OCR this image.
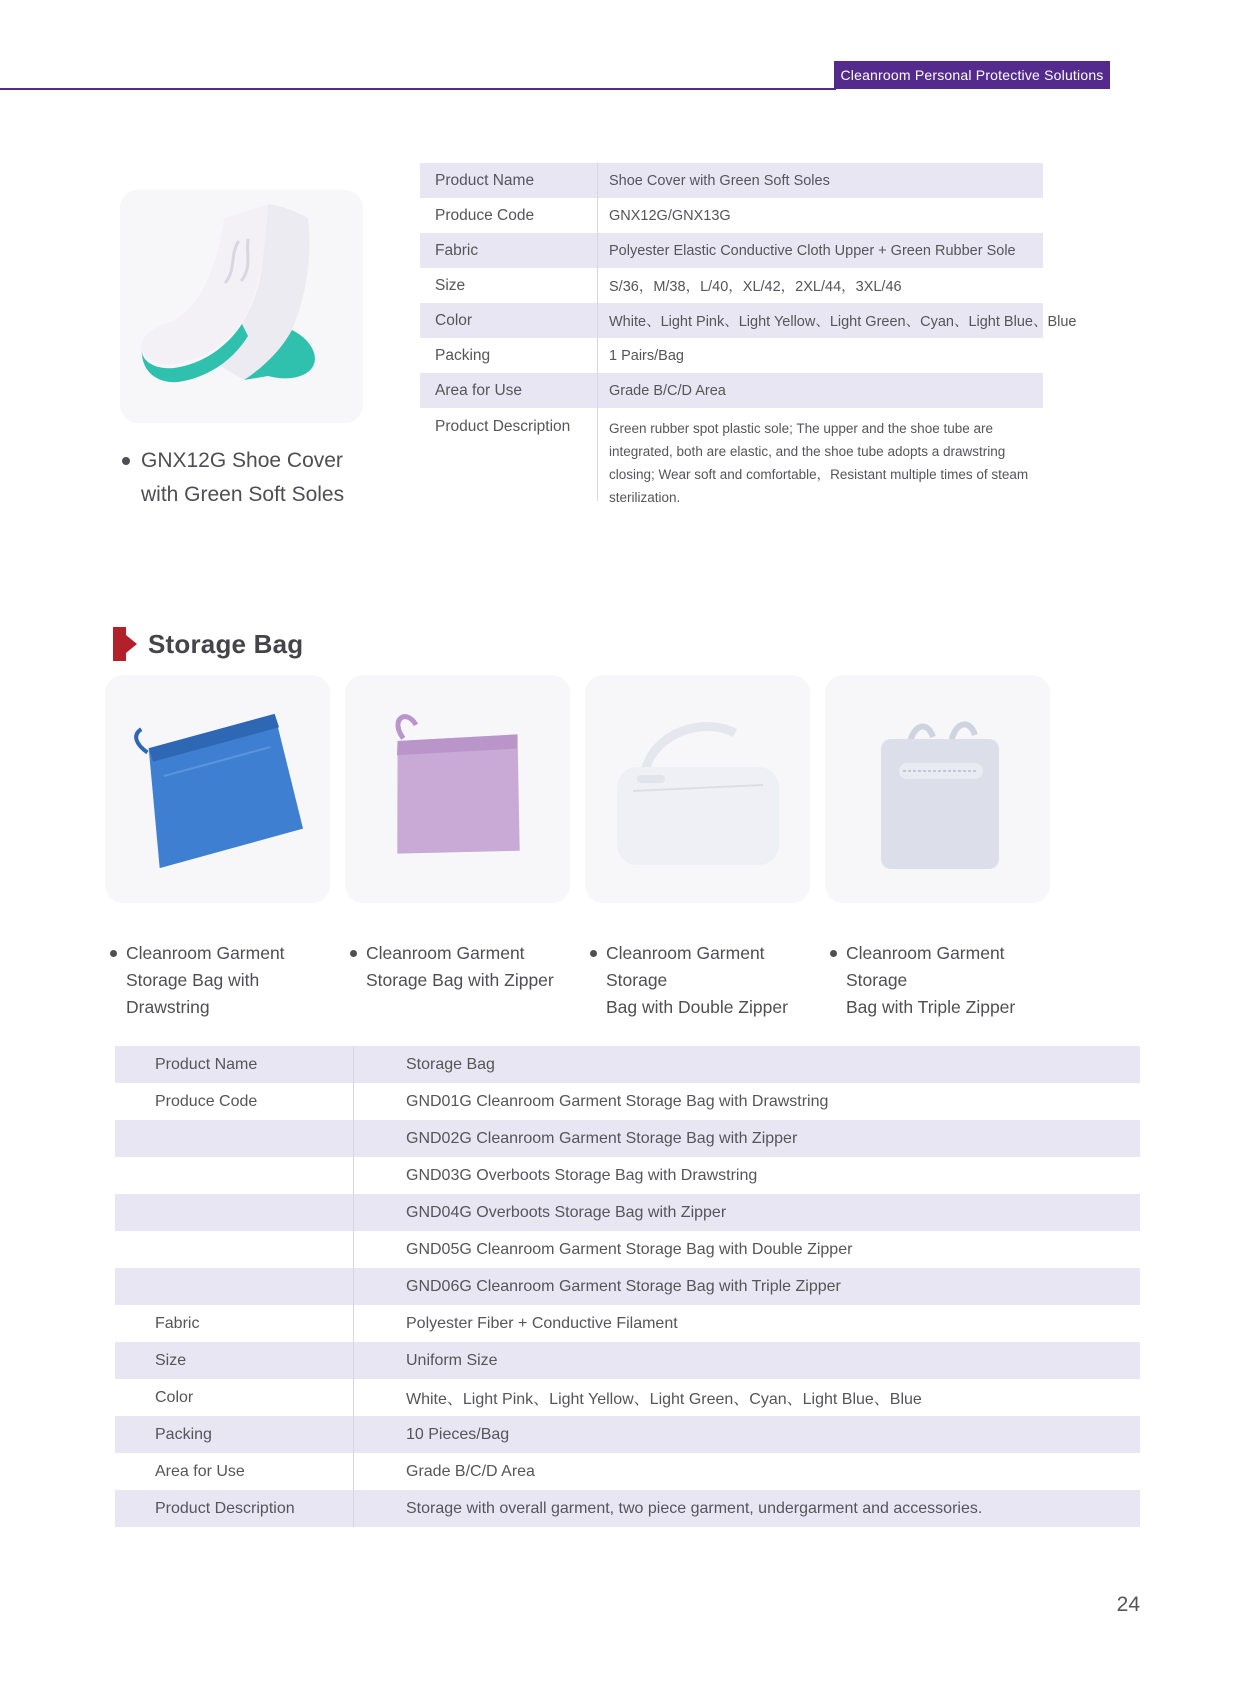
Cleanroom Personal Protective Solutions
GNX12G Shoe Cover
with Green Soft Soles
Product Name	Shoe Cover with Green Soft Soles
Produce Code	GNX12G/GNX13G
Fabric	Polyester Elastic Conductive Cloth Upper + Green Rubber Sole
Size	S/36，M/38，L/40，XL/42，2XL/44，3XL/46
Color	White、Light Pink、Light Yellow、Light Green、Cyan、Light Blue、Blue
Packing	1 Pairs/Bag
Area for Use	Grade B/C/D Area
Product Description	Green rubber spot plastic sole; The upper and the shoe tube are integrated, both are elastic, and the shoe tube adopts a drawstring closing; Wear soft and comfortable，Resistant multiple times of steam sterilization.
Storage Bag
Cleanroom Garment
Storage Bag with Drawstring
Cleanroom Garment
Storage Bag with Zipper
Cleanroom Garment Storage
Bag with Double Zipper
Cleanroom Garment Storage
Bag with Triple Zipper
Product Name	Storage Bag
Produce Code	GND01G Cleanroom Garment Storage Bag with Drawstring
GND02G Cleanroom Garment Storage Bag with Zipper
GND03G Overboots Storage Bag with Drawstring
GND04G Overboots Storage Bag with Zipper
GND05G Cleanroom Garment Storage Bag with Double Zipper
GND06G Cleanroom Garment Storage Bag with Triple Zipper
Fabric	Polyester Fiber + Conductive Filament
Size	Uniform Size
Color	White、Light Pink、Light Yellow、Light Green、Cyan、Light Blue、Blue
Packing	10 Pieces/Bag
Area for Use	Grade B/C/D Area
Product Description	Storage with overall garment, two piece garment, undergarment and accessories.
24
